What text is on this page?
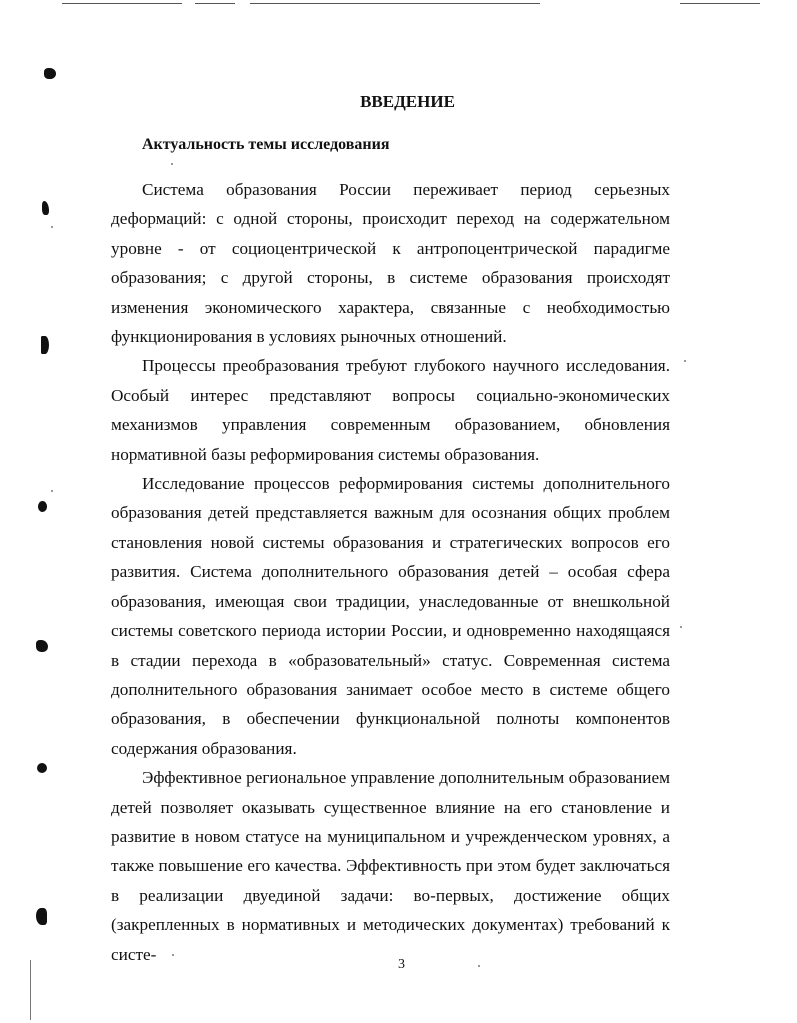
ВВЕДЕНИЕ
Актуальность темы исследования

Система образования России переживает период серьезных деформаций: с одной стороны, происходит переход на содержательном уровне - от социоцентрической к антропоцентрической парадигме образования; с другой стороны, в системе образования происходят изменения экономического характера, связанные с необходимостью функционирования в условиях рыночных отношений.

Процессы преобразования требуют глубокого научного исследования. Особый интерес представляют вопросы социально-экономических механизмов управления современным образованием, обновления нормативной базы реформирования системы образования.

Исследование процессов реформирования системы дополнительного образования детей представляется важным для осознания общих проблем становления новой системы образования и стратегических вопросов его развития. Система дополнительного образования детей – особая сфера образования, имеющая свои традиции, унаследованные от внешкольной системы советского периода истории России, и одновременно находящаяся в стадии перехода в «образовательный» статус. Современная система дополнительного образования занимает особое место в системе общего образования, в обеспечении функциональной полноты компонентов содержания образования.

Эффективное региональное управление дополнительным образованием детей позволяет оказывать существенное влияние на его становление и развитие в новом статусе на муниципальном и учрежденческом уровнях, а также повышение его качества. Эффективность при этом будет заключаться в реализации двуединой задачи: во-первых, достижение общих (закрепленных в нормативных и методических документах) требований к систе-

3
